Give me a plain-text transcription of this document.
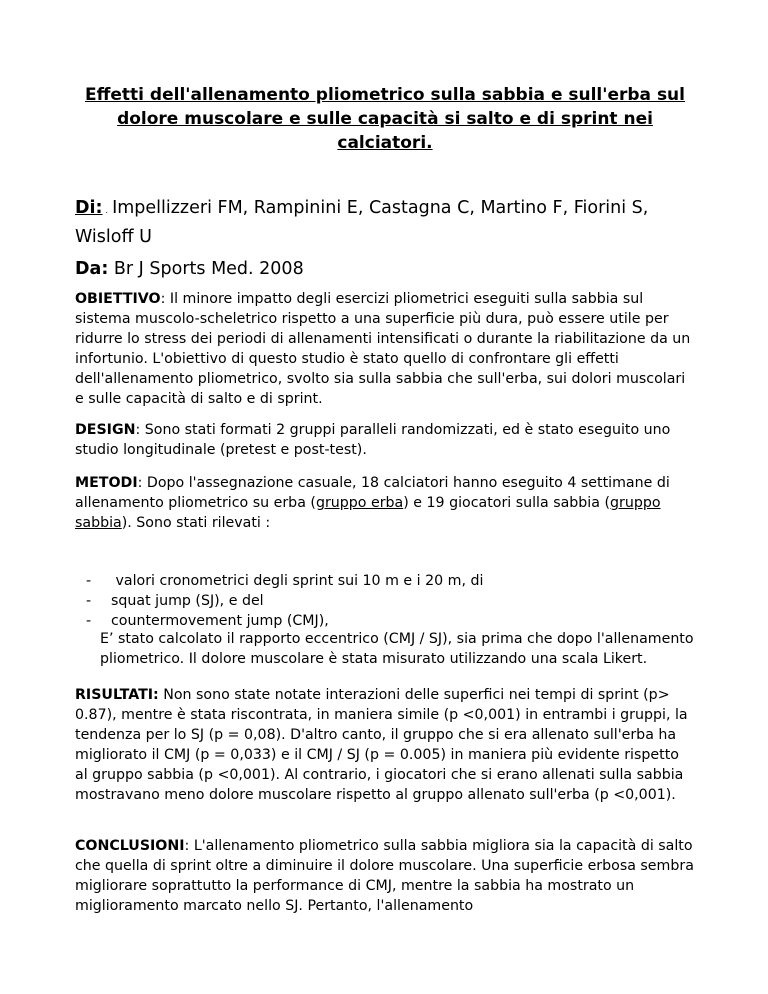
Effetti dell'allenamento pliometrico sulla sabbia e sull'erba sul dolore muscolare e sulle capacità si salto e di sprint nei calciatori.
Di: . Impellizzeri FM, Rampinini E, Castagna C, Martino F, Fiorini S, Wisloff U
Da: Br J Sports Med. 2008
OBIETTIVO: Il minore impatto degli esercizi pliometrici eseguiti sulla sabbia sul sistema muscolo-scheletrico rispetto a una superficie più dura, può essere utile per ridurre lo stress dei periodi di allenamenti intensificati o durante la riabilitazione da un infortunio. L'obiettivo di questo studio è stato quello di confrontare gli effetti dell'allenamento pliometrico, svolto sia sulla sabbia che sull'erba, sui dolori muscolari e sulle capacità di salto e di sprint.
DESIGN: Sono stati formati 2 gruppi paralleli randomizzati, ed è stato eseguito uno studio longitudinale (pretest e post-test).
METODI: Dopo l'assegnazione casuale, 18 calciatori hanno eseguito 4 settimane di allenamento pliometrico su erba (gruppo erba) e 19 giocatori sulla sabbia (gruppo sabbia). Sono stati rilevati :
-	valori cronometrici degli sprint sui 10 m e i 20 m, di
-	squat jump (SJ), e del
-	countermovement jump (CMJ),
E’ stato calcolato il rapporto eccentrico (CMJ / SJ), sia prima che dopo l'allenamento pliometrico. Il dolore muscolare è stata misurato utilizzando una scala Likert.
RISULTATI: Non sono state notate interazioni delle superfici nei tempi di sprint (p> 0.87), mentre è stata riscontrata, in maniera simile (p <0,001) in entrambi i gruppi, la tendenza per lo SJ (p = 0,08). D'altro canto, il gruppo che si era allenato sull'erba ha migliorato il CMJ (p = 0,033) e il CMJ / SJ (p = 0.005) in maniera più evidente rispetto al gruppo sabbia (p <0,001). Al contrario, i giocatori che si erano allenati sulla sabbia mostravano meno dolore muscolare rispetto al gruppo allenato sull'erba (p <0,001).
CONCLUSIONI: L'allenamento pliometrico sulla sabbia migliora sia la capacità di salto che quella di sprint oltre a diminuire il dolore muscolare. Una superficie erbosa sembra migliorare soprattutto la performance di CMJ, mentre la sabbia ha mostrato un miglioramento marcato nello SJ. Pertanto, l'allenamento
